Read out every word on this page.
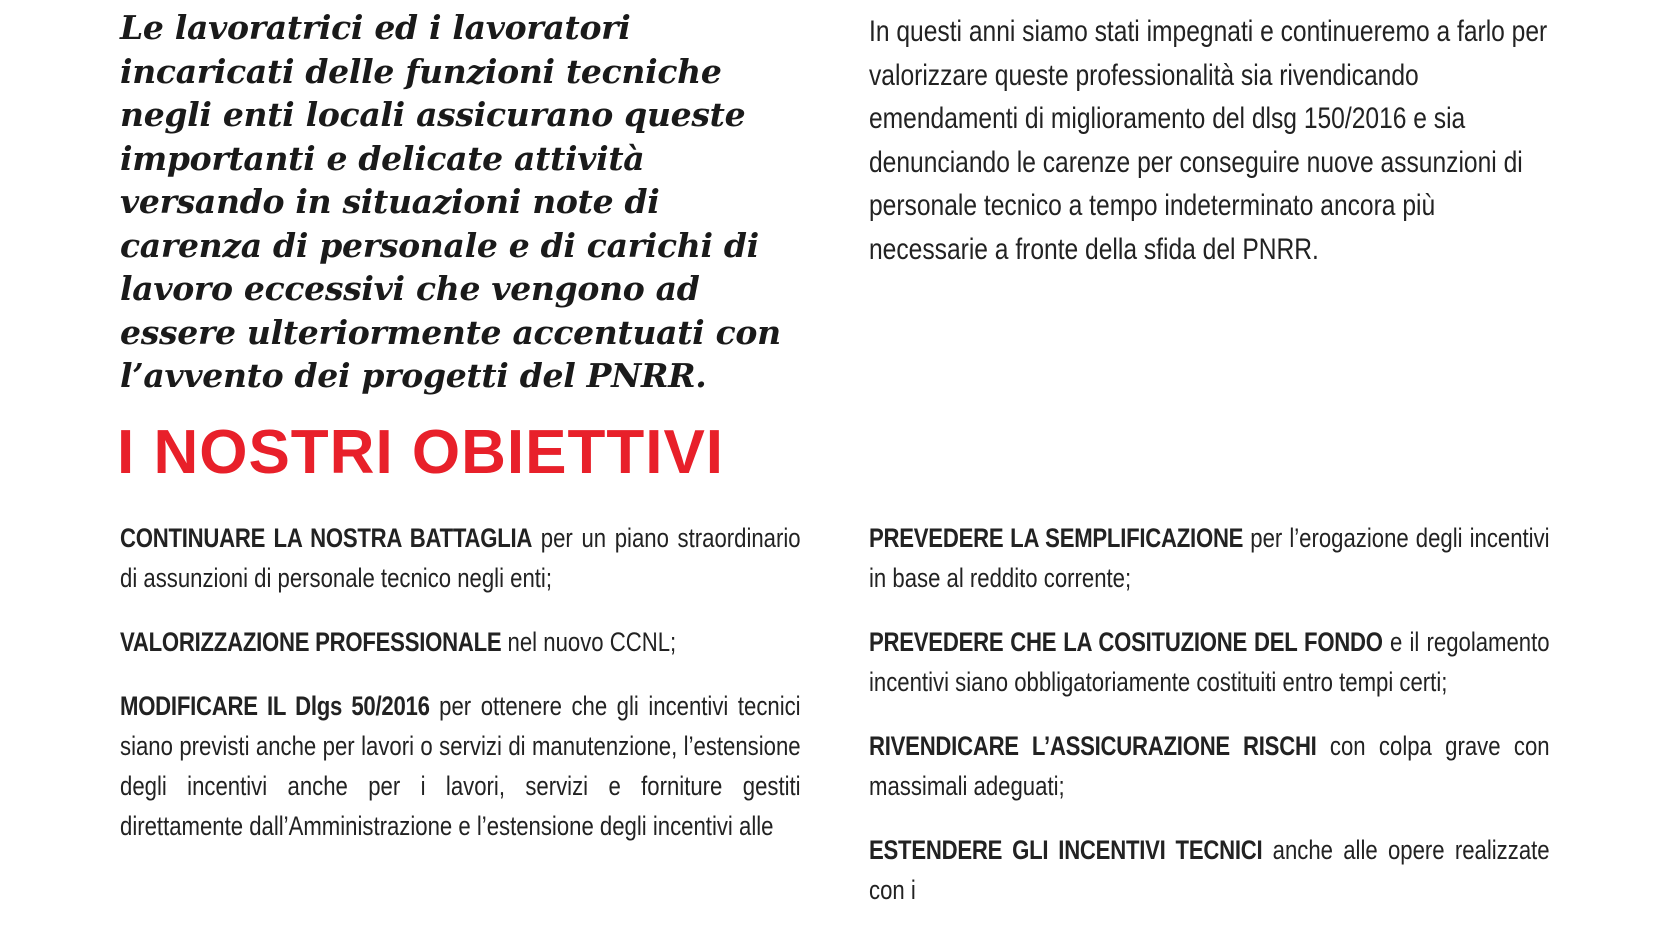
Le lavoratrici ed i lavoratori incaricati delle funzioni tecniche negli enti locali assicurano queste importanti e delicate attività versando in situazioni note di carenza di personale e di carichi di lavoro eccessivi che vengono ad essere ulteriormente accentuati con l’avvento dei progetti del PNRR.
In questi anni siamo stati impegnati e continueremo a farlo per valorizzare queste professionalità sia rivendicando emendamenti di miglioramento del dlsg 150/2016 e sia denunciando le carenze per conseguire nuove assunzioni di personale tecnico a tempo indeterminato ancora più necessarie a fronte della sfida del PNRR.
I NOSTRI OBIETTIVI

CONTINUARE LA NOSTRA BATTAGLIA per un piano straordinario di assunzioni di personale tecnico negli enti;

VALORIZZAZIONE PROFESSIONALE nel nuovo CCNL;

MODIFICARE IL Dlgs 50/2016 per ottenere che gli incentivi tecnici siano previsti anche per lavori o servizi di manutenzione, l’estensione degli incentivi anche per i lavori, servizi e forniture gestiti direttamente dall’Amministrazione e l’estensione degli incentivi alle

PREVEDERE LA SEMPLIFICAZIONE per l’erogazione degli incentivi in base al reddito corrente;

PREVEDERE CHE LA COSITUZIONE DEL FONDO e il regolamento incentivi siano obbligatoriamente costituiti entro tempi certi;

RIVENDICARE L’ASSICURAZIONE RISCHI con colpa grave con massimali adeguati;

ESTENDERE GLI INCENTIVI TECNICI anche alle opere realizzate con i
